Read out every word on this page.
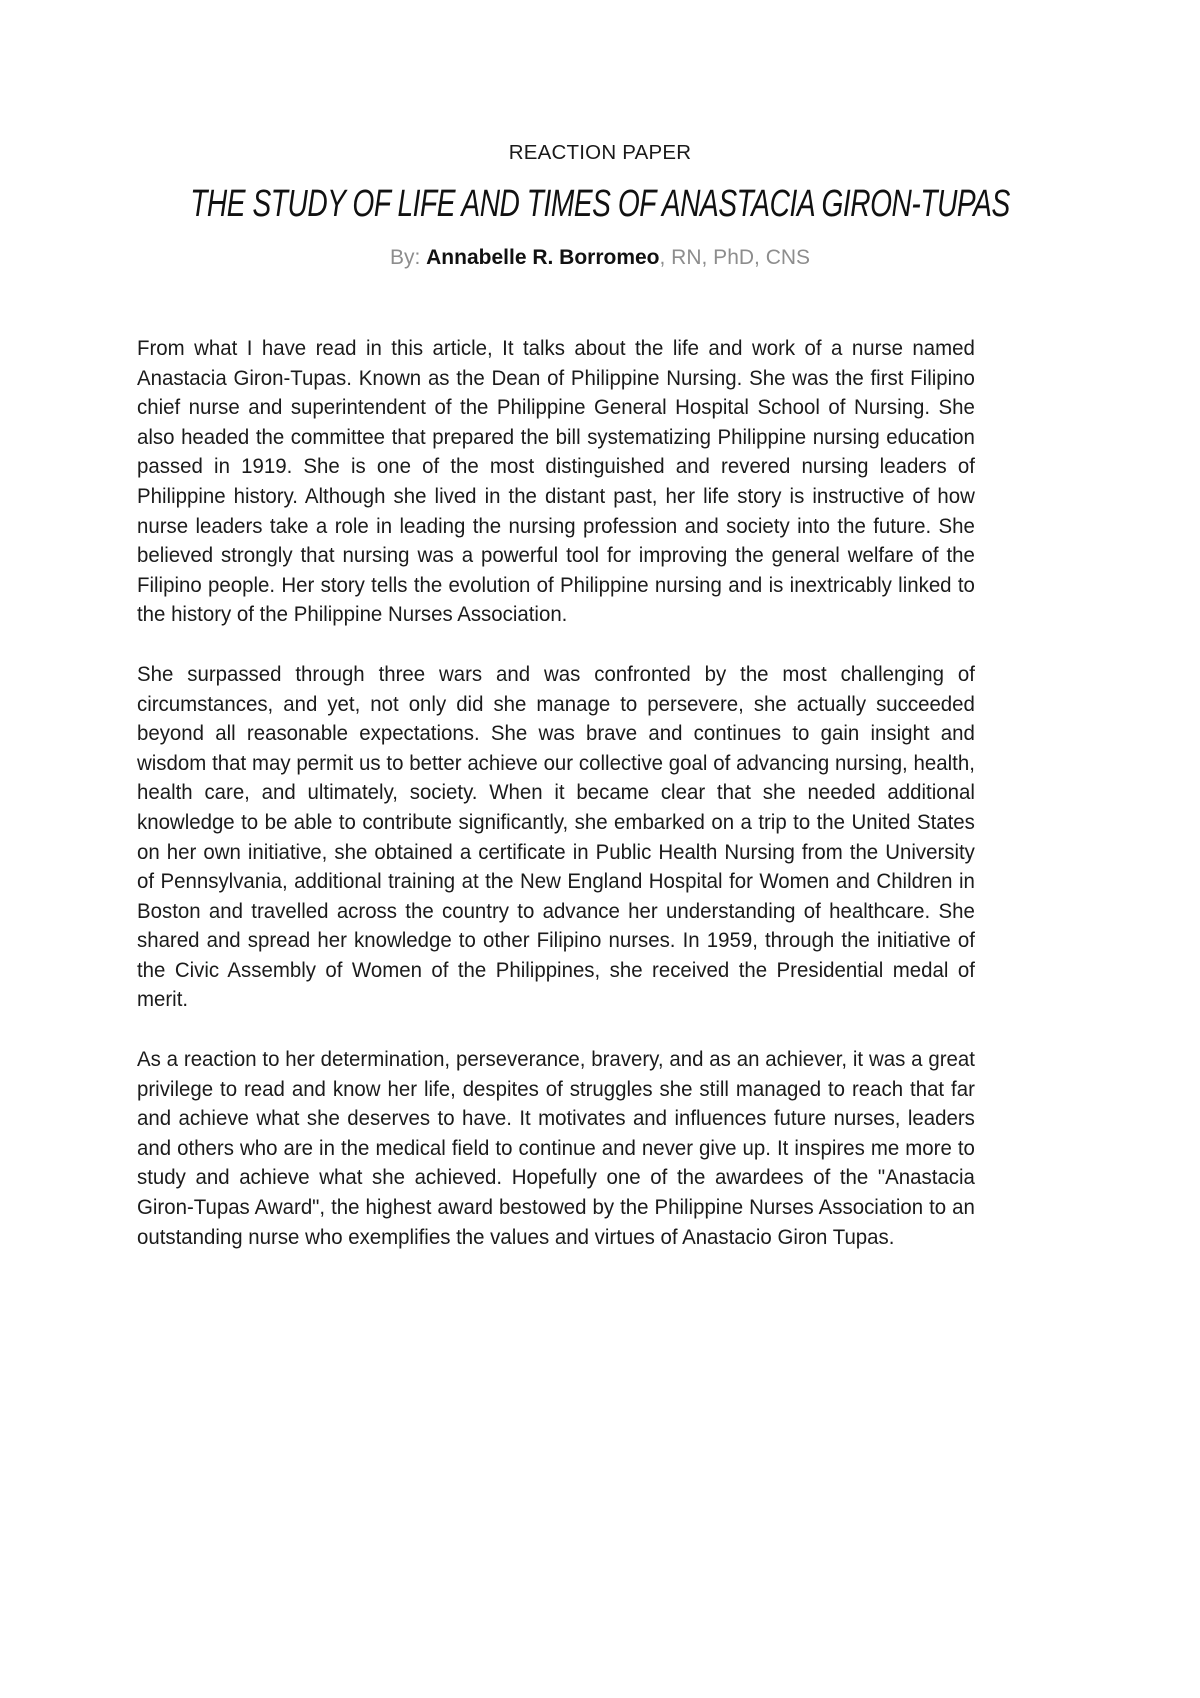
REACTION PAPER
THE STUDY OF LIFE AND TIMES OF ANASTACIA GIRON-TUPAS
By: Annabelle R. Borromeo, RN, PhD, CNS

From what I have read in this article, It talks about the life and work of a nurse named Anastacia Giron-Tupas. Known as the Dean of Philippine Nursing. She was the first Filipino chief nurse and superintendent of the Philippine General Hospital School of Nursing. She also headed the committee that prepared the bill systematizing Philippine nursing education passed in 1919. She is one of the most distinguished and revered nursing leaders of Philippine history. Although she lived in the distant past, her life story is instructive of how nurse leaders take a role in leading the nursing profession and society into the future. She believed strongly that nursing was a powerful tool for improving the general welfare of the Filipino people. Her story tells the evolution of Philippine nursing and is inextricably linked to the history of the Philippine Nurses Association.

She surpassed through three wars and was confronted by the most challenging of circumstances, and yet, not only did she manage to persevere, she actually succeeded beyond all reasonable expectations. She was brave and continues to gain insight and wisdom that may permit us to better achieve our collective goal of advancing nursing, health, health care, and ultimately, society. When it became clear that she needed additional knowledge to be able to contribute significantly, she embarked on a trip to the United States on her own initiative, she obtained a certificate in Public Health Nursing from the University of Pennsylvania, additional training at the New England Hospital for Women and Children in Boston and travelled across the country to advance her understanding of healthcare. She shared and spread her knowledge to other Filipino nurses. In 1959, through the initiative of the Civic Assembly of Women of the Philippines, she received the Presidential medal of merit.

As a reaction to her determination, perseverance, bravery, and as an achiever, it was a great privilege to read and know her life, despites of struggles she still managed to reach that far and achieve what she deserves to have. It motivates and influences future nurses, leaders and others who are in the medical field to continue and never give up. It inspires me more to study and achieve what she achieved. Hopefully one of the awardees of the "Anastacia Giron-Tupas Award", the highest award bestowed by the Philippine Nurses Association to an outstanding nurse who exemplifies the values and virtues of Anastacio Giron Tupas.
